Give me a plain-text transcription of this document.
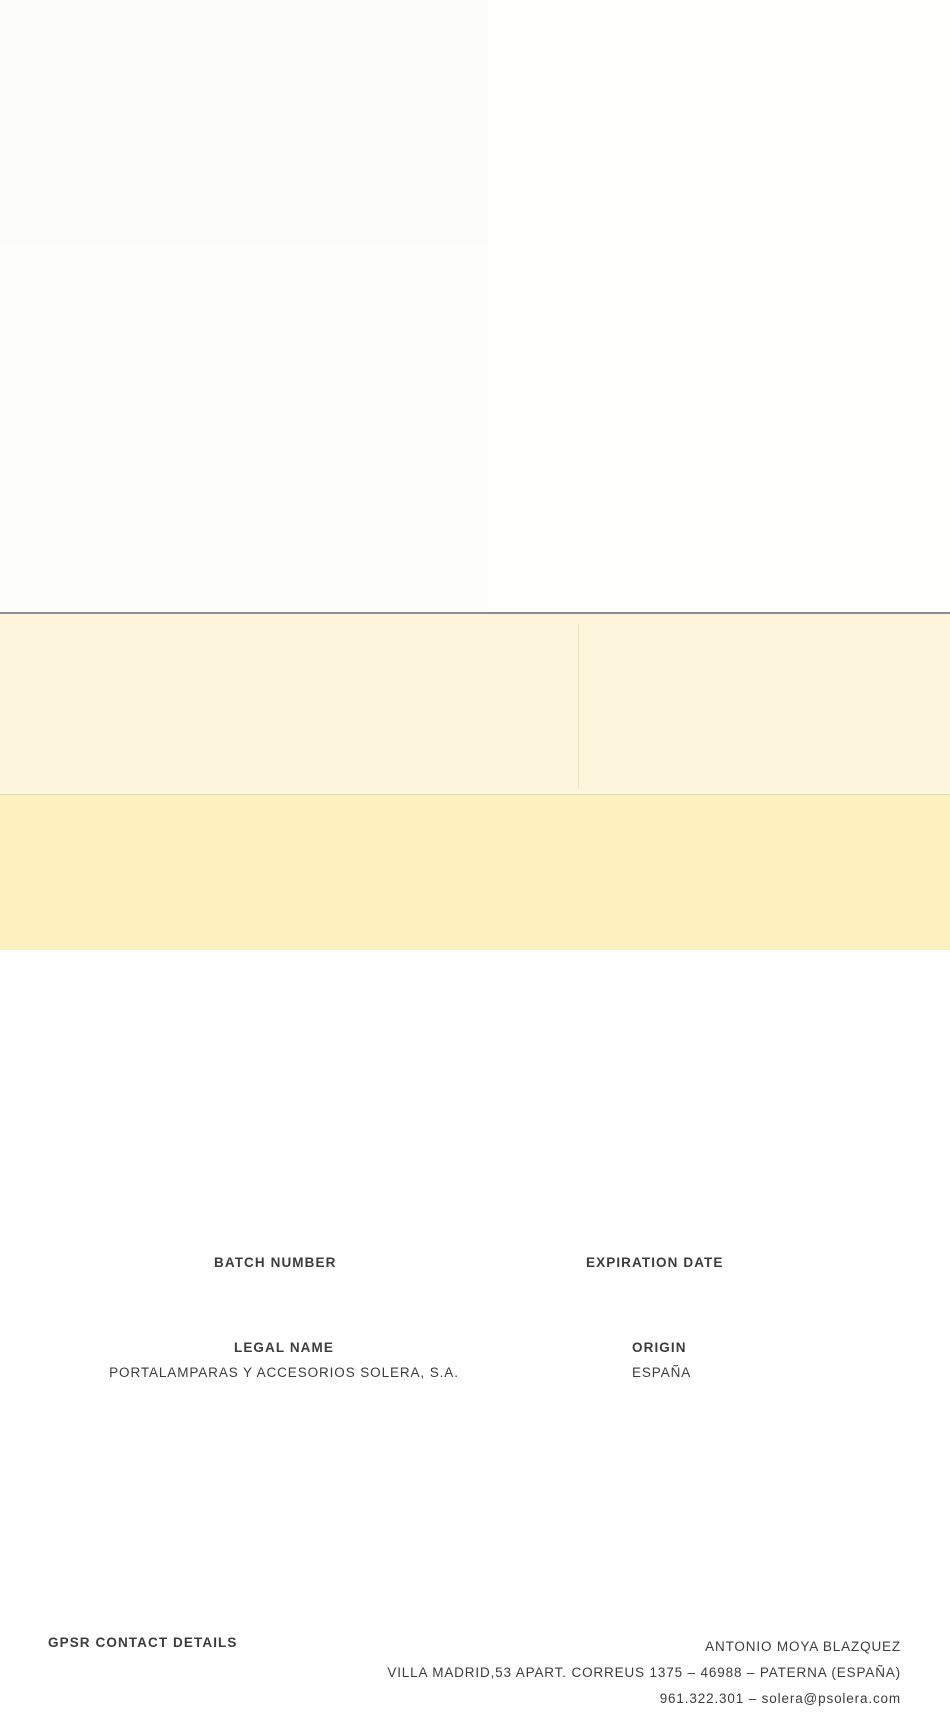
BATCH NUMBER	EXPIRATION DATE
LEGAL NAME
PORTALAMPARAS Y ACCESORIOS SOLERA, S.A.
ORIGIN
ESPAÑA
GPSR CONTACT DETAILS	ANTONIO MOYA BLAZQUEZ
VILLA MADRID,53 APART. CORREUS 1375 – 46988 – PATERNA (ESPAÑA)
961.322.301 – solera@psolera.com
